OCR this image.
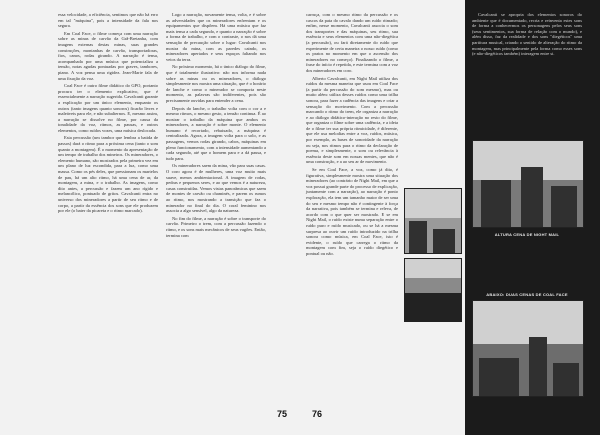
essa velocidade, a eficiência, sentimos que não há erro em tal "máquina", pois a intensidade da fala nos segura.

Em Coal Face, o filme começa com uma narração sobre as minas de carvão da Grã-Bretanha, com imagens externas destas minas, suas grandes construções, montanhas de carvão, transportadoras, fios, canos, rodas girando. A narração é tensa, acompanhada por uma música que potencializa a tensão, notas agudas pontuadas por graves, tambores, piano. A voz pensa uma rigidez. Jean-Marie fala de uma fixação da voz.

Coal Face é outro filme didático do GPO, portanto procura ter o elemento explicativo, que é essencialmente a narração sugerida. Cavalcanti garante a explicação por um único elemento, enquanto os outros (tanto imagens quanto sonoros) ficarão livres e maleáveis para ele, e não subalternos. E, mesmo assim, a narração se dissolve no filme, por causa da tonalidade da voz, ritmos, as pausas, e outros elementos, como ruídos vozes, uma música deslocada.

Esta percussão (um tambor que lembra a batida de passos) dará o ritmo para a próxima cena (tanto o som quanto a montagem). É o momento da apresentação de um tempo de trabalho dos mineiros. Os mineradores, o elemento humano, são mostrados pela primeira vez em um plano de luz escondida, para a luz, como uma massa. Como os pés deles, que pressionam os martelos de pau, há um alto ritmo, há uma cena de ar, da montagem, a mina, e o trabalho. As imagens, como dito antes, a percussão e fazem um ano rígido e melancólico, pontuado de gritos. Cavalcanti entra no universo dos mineradores a partir de seu ritmo e de corpo, a partir da essência dos sons que ele produzem por ele (o bater da picareta e o ritmo marcado).

Logo a narração, novamente tensa, volta, e é sobre as adversidades que os mineradores enfrentam e os equipamentos que dispõem. Há uma música que faz mais tensa a cada segundo, e quanto a narração é sobre a forma de trabalho, e com o contraste, o nos dá uma sensação de precaução sobre o lugar: Cavalcanti nos mostra da mina, com as paredes caindo, os mineradores apertados e seus espaços faltando nos veios da terra.

No próximo momento, há o único diálogo do filme, que é totalmente ilustrativo: não nos informa nada sobre as minas ou os mineradores, o diálogo simplesmente nos mostra uma situação, que é o horário de lanche e como o minerador se comporta neste momento, as palavras são indiferentes, pois são precisamente ouvidas para entender a cena.

Depois do lanche, o trabalho volta com o cor a e mesmo ritmos, o mesmo gesto, a tensão continua. É ao mostrar o trabalho da máquina que ambos os mineradores, a narração é sobre monte. O elemento humano é recortado, rebaixado, a máquina é centralizada. Agora, a imagem volta para o solo, e as passagens, vemos rodas girando, cabos, máquinas em pleno funcionamento, com a intensidade aumentando a cada segundo, até que o homem para e a dá pausa, e tudo para.

Os mineradores saem da mina, vão para suas casas. O coro agora é de mulheres, uma voz muito mais suave, menos ambientacional. A imagem de rodas, pedras e pequenos seres, e ao que vemos é a natureza, casas construídas. Vemos vistas panorâmicas que saem de montes de carvão ou chaminés, e parem os rumos ao ritmo, nos mostrando a transição que faz o minerador no final do dia. O coral feminino nos associa a algo sensível, algo da natureza.

No fim do filme, a narração é sobre o transporte do carvão. Primeiro o trem, com a percussão fazendo o ritmo, e os sons mais mecânicos de seus vagões. Então, termina com

carruça, com o mesmo ritmo da percussão e os cascos da pata do cavalo dando um ruído ritmado; enfim, nesse momento, Cavalcanti associa o som dos transportes e das máquinas, seu ritmo, sua essência e seus elementos com uma não-diegética (a percussão), ou fará diretamente do ruído que experimente de certa maneira o nosso ruído (como os pratos no momento em que o ascensão dos mineradores no começo). Finalizando o filme, a frase do início é repetida, e este termina com a voz dos mineradores em coro.

Alberto Cavalcanti, em Night Mail utiliza dos ruídos da mesma maneira que usou em Coal Face (a partir da percussão do som mesmo), mas ou muito além: utiliza desses ruídos como uma trilha sonora, para fazer a cadência das imagens e criar a sensação do movimento. Com a percussão marcando o ritmo do trem, ele organiza a narração e ao diálogo didático-interação no resto do filme, que organiza o filme sobre uma cadência, e a ideia de o filme ter sua própria ritmicidade, é diferente, que ele usa melodias entre a voz, ruídos, música, por exemplo, as bases de sonoridade da narração ou seja, nos ritmos para o ritmo da declaração de poema, e simplesmente, o som ou relevância à essência deste som em nossas mentes, que não é uma construção, e a ao seu ar de movimento.

Se em Coal Face, a voz, como já dito, é figurativa, simplesmente mostra uma situação dos mineradores (ao contrário de Night Mail, em que a voz possui grande parte do processo de explicação, juntamente com a narração), ao narração é ponto exploração, ela tem um tamanho maior de ser uma do seu e mesmo tempo não é contingente à força da narrativa, pois também se termina e releva, de acordo com o que quer ser mostrado. E se em Night Mail, o ruído existe numa separação entre o ruído puro e ruído musicado, ou se há a mesma surpresa ao ouvir um ruído introduzido na trilha sonora como música, em Coal Face, isto é evidente, o ruído que carrega o ritmo da montagem com fim, seja o ruído diegético e pontual ou não.

Cavalcanti se apropria dos elementos sonoros do ambiente que é documentado, recria e reinventa estes sons de forma a conhecermos os personagens pelos seus sons (seus sentimentos, sua forma de relação com o mundo), e além disso, faz da realidade e dos sons "diegéticos" uma partitura musical, criando o sentido de alteração do ritmo da montagem, mas principalmente pela forma como esses sons (e não-diegéticos também) interagem entre si.

ALTURA CENA DE NIGHT MAIL
ABAIXO: DUAS CENAS DE COAL FACE
75	76
